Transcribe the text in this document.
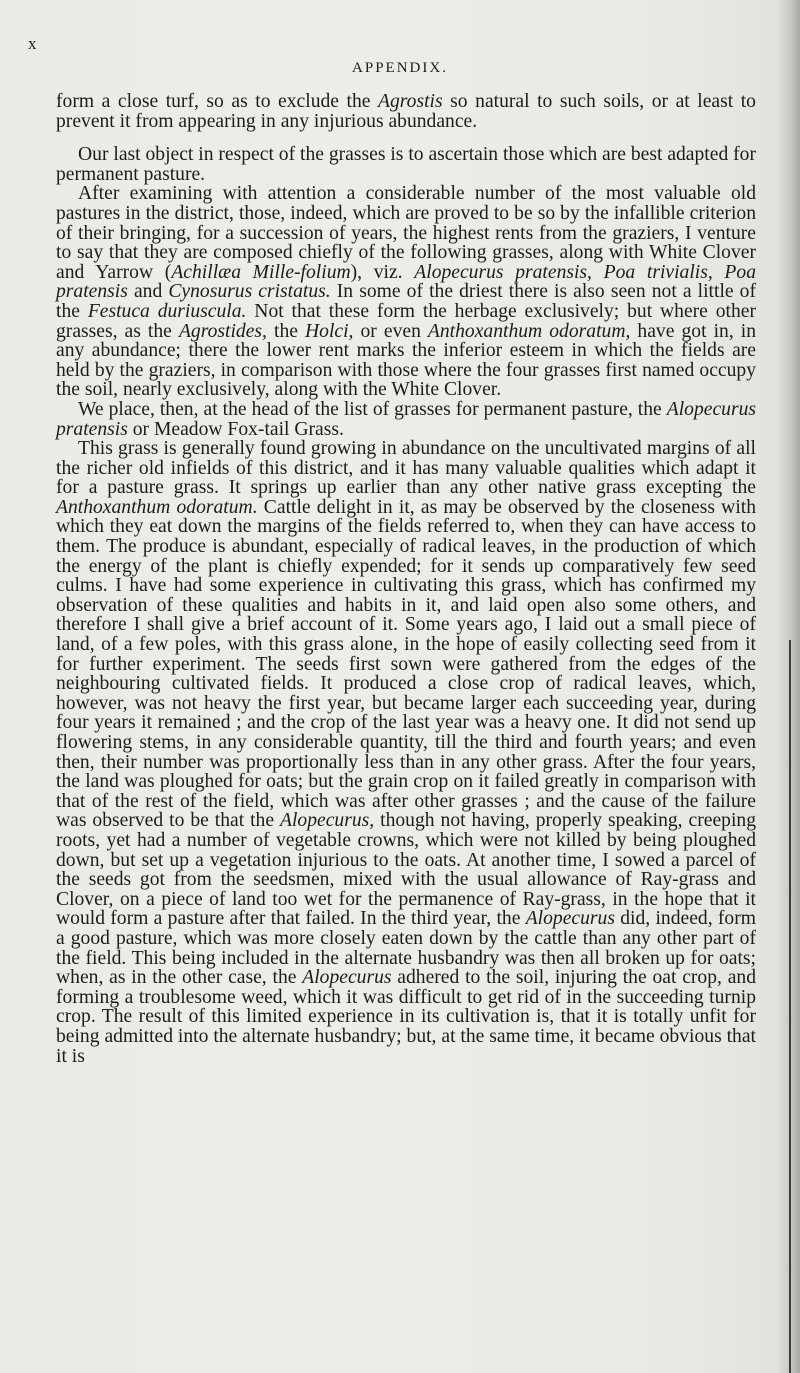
x
APPENDIX.

form a close turf, so as to exclude the Agrostis so natural to such soils, or at least to prevent it from appearing in any injurious abundance.

Our last object in respect of the grasses is to ascertain those which are best adapted for permanent pasture.

After examining with attention a considerable number of the most valuable old pastures in the district, those, indeed, which are proved to be so by the infallible criterion of their bringing, for a succession of years, the highest rents from the graziers, I venture to say that they are composed chiefly of the following grasses, along with White Clover and Yarrow (Achillæa Mille-folium), viz. Alopecurus pratensis, Poa trivialis, Poa pratensis and Cynosurus cristatus. In some of the driest there is also seen not a little of the Festuca duriuscula. Not that these form the herbage exclusively; but where other grasses, as the Agrostides, the Holci, or even Anthoxanthum odoratum, have got in, in any abundance; there the lower rent marks the inferior esteem in which the fields are held by the graziers, in comparison with those where the four grasses first named occupy the soil, nearly exclusively, along with the White Clover.

We place, then, at the head of the list of grasses for permanent pasture, the Alopecurus pratensis or Meadow Fox-tail Grass.

This grass is generally found growing in abundance on the uncultivated margins of all the richer old infields of this district, and it has many valuable qualities which adapt it for a pasture grass. It springs up earlier than any other native grass excepting the Anthoxanthum odoratum. Cattle delight in it, as may be observed by the closeness with which they eat down the margins of the fields referred to, when they can have access to them. The produce is abundant, especially of radical leaves, in the production of which the energy of the plant is chiefly expended; for it sends up comparatively few seed culms. I have had some experience in cultivating this grass, which has confirmed my observation of these qualities and habits in it, and laid open also some others, and therefore I shall give a brief account of it. Some years ago, I laid out a small piece of land, of a few poles, with this grass alone, in the hope of easily collecting seed from it for further experiment. The seeds first sown were gathered from the edges of the neighbouring cultivated fields. It produced a close crop of radical leaves, which, however, was not heavy the first year, but became larger each succeeding year, during four years it remained ; and the crop of the last year was a heavy one. It did not send up flowering stems, in any considerable quantity, till the third and fourth years; and even then, their number was proportionally less than in any other grass. After the four years, the land was ploughed for oats; but the grain crop on it failed greatly in comparison with that of the rest of the field, which was after other grasses ; and the cause of the failure was observed to be that the Alopecurus, though not having, properly speaking, creeping roots, yet had a number of vegetable crowns, which were not killed by being ploughed down, but set up a vegetation injurious to the oats. At another time, I sowed a parcel of the seeds got from the seedsmen, mixed with the usual allowance of Ray-grass and Clover, on a piece of land too wet for the permanence of Ray-grass, in the hope that it would form a pasture after that failed. In the third year, the Alopecurus did, indeed, form a good pasture, which was more closely eaten down by the cattle than any other part of the field. This being included in the alternate husbandry was then all broken up for oats; when, as in the other case, the Alopecurus adhered to the soil, injuring the oat crop, and forming a troublesome weed, which it was difficult to get rid of in the succeeding turnip crop. The result of this limited experience in its cultivation is, that it is totally unfit for being admitted into the alternate husbandry; but, at the same time, it became obvious that it is
